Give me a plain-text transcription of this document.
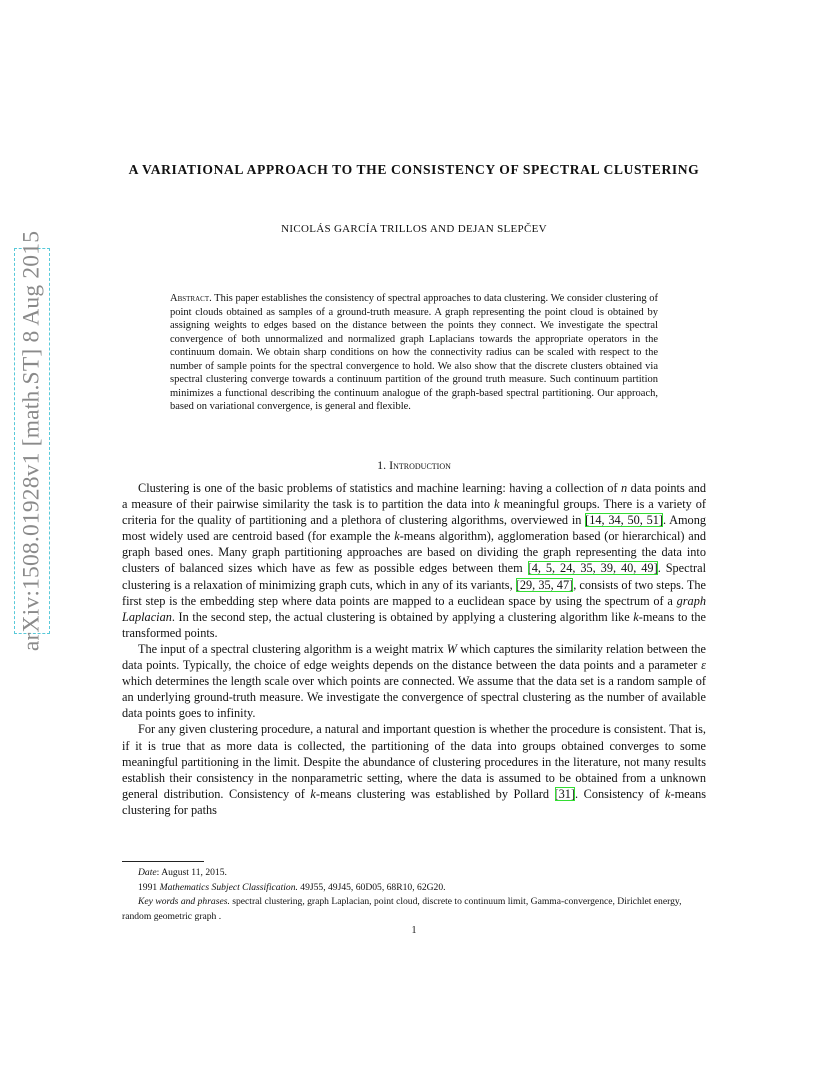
arXiv:1508.01928v1 [math.ST] 8 Aug 2015
A VARIATIONAL APPROACH TO THE CONSISTENCY OF SPECTRAL CLUSTERING
NICOLÁS GARCÍA TRILLOS AND DEJAN SLEPČEV
Abstract. This paper establishes the consistency of spectral approaches to data clustering. We consider clustering of point clouds obtained as samples of a ground-truth measure. A graph representing the point cloud is obtained by assigning weights to edges based on the distance between the points they connect. We investigate the spectral convergence of both unnormalized and normalized graph Laplacians towards the appropriate operators in the continuum domain. We obtain sharp conditions on how the connectivity radius can be scaled with respect to the number of sample points for the spectral convergence to hold. We also show that the discrete clusters obtained via spectral clustering converge towards a continuum partition of the ground truth measure. Such continuum partition minimizes a functional describing the continuum analogue of the graph-based spectral partitioning. Our approach, based on variational convergence, is general and flexible.
1. Introduction

Clustering is one of the basic problems of statistics and machine learning: having a collection of n data points and a measure of their pairwise similarity the task is to partition the data into k meaningful groups. There is a variety of criteria for the quality of partitioning and a plethora of clustering algorithms, overviewed in [14, 34, 50, 51]. Among most widely used are centroid based (for example the k-means algorithm), agglomeration based (or hierarchical) and graph based ones. Many graph partitioning approaches are based on dividing the graph representing the data into clusters of balanced sizes which have as few as possible edges between them [4, 5, 24, 35, 39, 40, 49]. Spectral clustering is a relaxation of minimizing graph cuts, which in any of its variants, [29, 35, 47], consists of two steps. The first step is the embedding step where data points are mapped to a euclidean space by using the spectrum of a graph Laplacian. In the second step, the actual clustering is obtained by applying a clustering algorithm like k-means to the transformed points.

The input of a spectral clustering algorithm is a weight matrix W which captures the similarity relation between the data points. Typically, the choice of edge weights depends on the distance between the data points and a parameter ε which determines the length scale over which points are connected. We assume that the data set is a random sample of an underlying ground-truth measure. We investigate the convergence of spectral clustering as the number of available data points goes to infinity.

For any given clustering procedure, a natural and important question is whether the procedure is consistent. That is, if it is true that as more data is collected, the partitioning of the data into groups obtained converges to some meaningful partitioning in the limit. Despite the abundance of clustering procedures in the literature, not many results establish their consistency in the nonparametric setting, where the data is assumed to be obtained from a unknown general distribution. Consistency of k-means clustering was established by Pollard [31]. Consistency of k-means clustering for paths

Date: August 11, 2015.
1991 Mathematics Subject Classification. 49J55, 49J45, 60D05, 68R10, 62G20.
Key words and phrases. spectral clustering, graph Laplacian, point cloud, discrete to continuum limit, Gamma-convergence, Dirichlet energy, random geometric graph .
1
